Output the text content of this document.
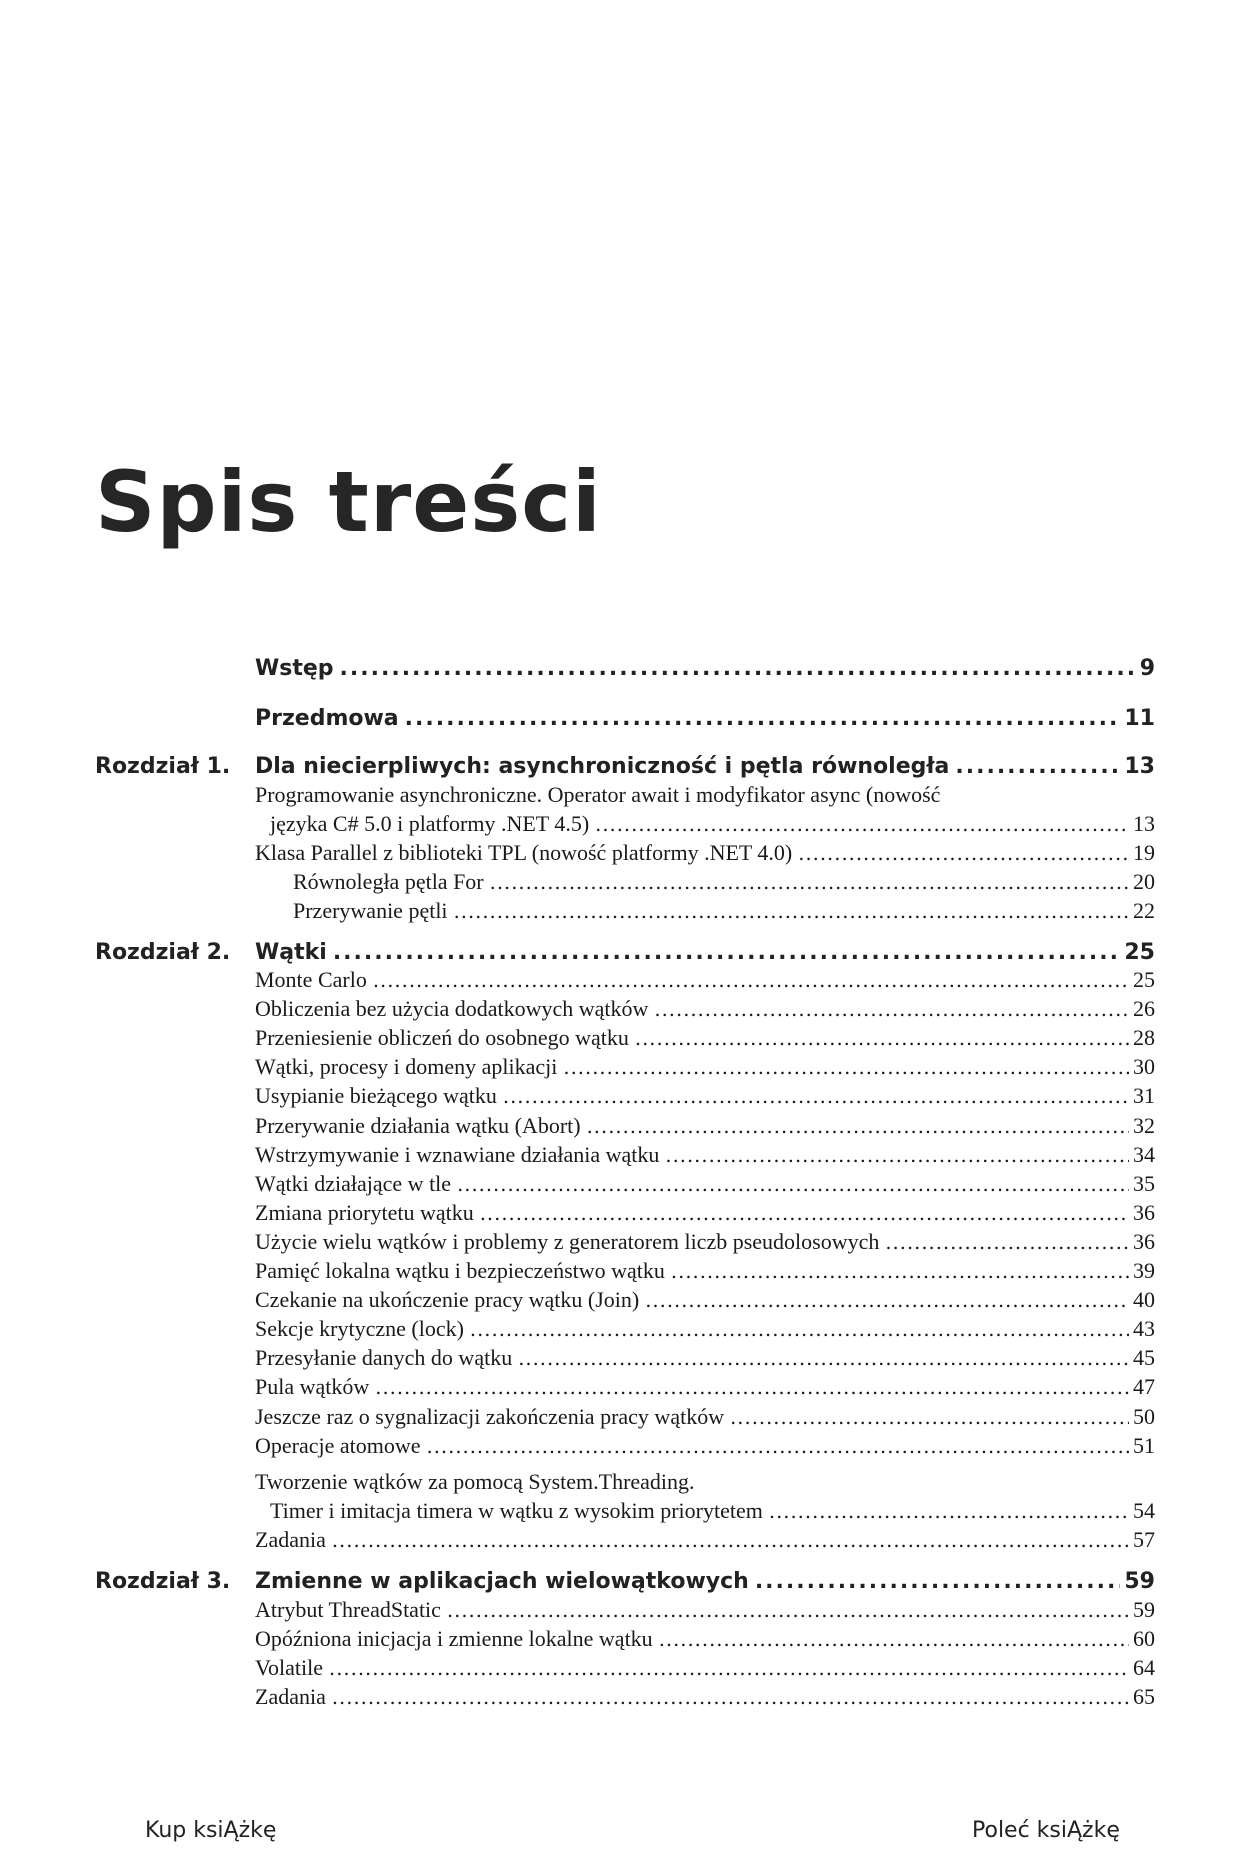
Spis treści
Wstęp .....	9
Przedmowa .....	11
Rozdział 1.	Dla niecierpliwych: asynchroniczność i pętla równoległa .....	13
Programowanie asynchroniczne. Operator await i modyfikator async (nowość
języka C# 5.0 i platformy .NET 4.5) .....	13
Klasa Parallel z biblioteki TPL (nowość platformy .NET 4.0) .....	19
Równoległa pętla For .....	20
Przerywanie pętli .....	22
Rozdział 2.	Wątki .....	25
Monte Carlo .....	25
Obliczenia bez użycia dodatkowych wątków .....	26
Przeniesienie obliczeń do osobnego wątku .....	28
Wątki, procesy i domeny aplikacji .....	30
Usypianie bieżącego wątku .....	31
Przerywanie działania wątku (Abort) .....	32
Wstrzymywanie i wznawiane działania wątku .....	34
Wątki działające w tle .....	35
Zmiana priorytetu wątku .....	36
Użycie wielu wątków i problemy z generatorem liczb pseudolosowych .....	36
Pamięć lokalna wątku i bezpieczeństwo wątku .....	39
Czekanie na ukończenie pracy wątku (Join) .....	40
Sekcje krytyczne (lock) .....	43
Przesyłanie danych do wątku .....	45
Pula wątków .....	47
Jeszcze raz o sygnalizacji zakończenia pracy wątków .....	50
Operacje atomowe .....	51
Tworzenie wątków za pomocą System.Threading.
Timer i imitacja timera w wątku z wysokim priorytetem .....	54
Zadania .....	57
Rozdział 3.	Zmienne w aplikacjach wielowątkowych .....	59
Atrybut ThreadStatic .....	59
Opóźniona inicjacja i zmienne lokalne wątku .....	60
Volatile .....	64
Zadania .....	65
Kup ksiĄżkę	Poleć ksiĄżkę
